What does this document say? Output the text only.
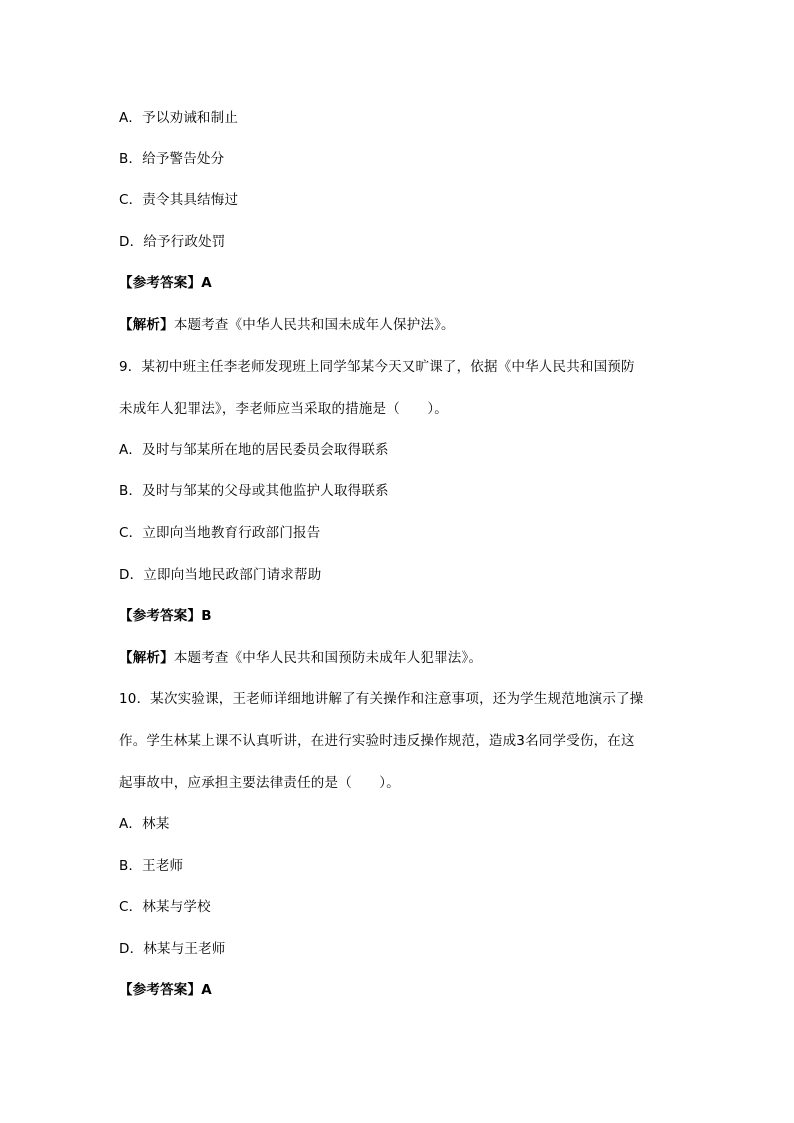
A．予以劝诫和制止
B．给予警告处分
C．责令其具结悔过
D．给予行政处罚
【参考答案】A
【解析】本题考查《中华人民共和国未成年人保护法》。
9．某初中班主任李老师发现班上同学邹某今天又旷课了，依据《中华人民共和国预防
未成年人犯罪法》，李老师应当采取的措施是（　　）。
A．及时与邹某所在地的居民委员会取得联系
B．及时与邹某的父母或其他监护人取得联系
C．立即向当地教育行政部门报告
D．立即向当地民政部门请求帮助
【参考答案】B
【解析】本题考查《中华人民共和国预防未成年人犯罪法》。
10．某次实验课，王老师详细地讲解了有关操作和注意事项，还为学生规范地演示了操
作。学生林某上课不认真听讲，在进行实验时违反操作规范，造成3名同学受伤，在这
起事故中，应承担主要法律责任的是（　　）。
A．林某
B．王老师
C．林某与学校
D．林某与王老师
【参考答案】A
